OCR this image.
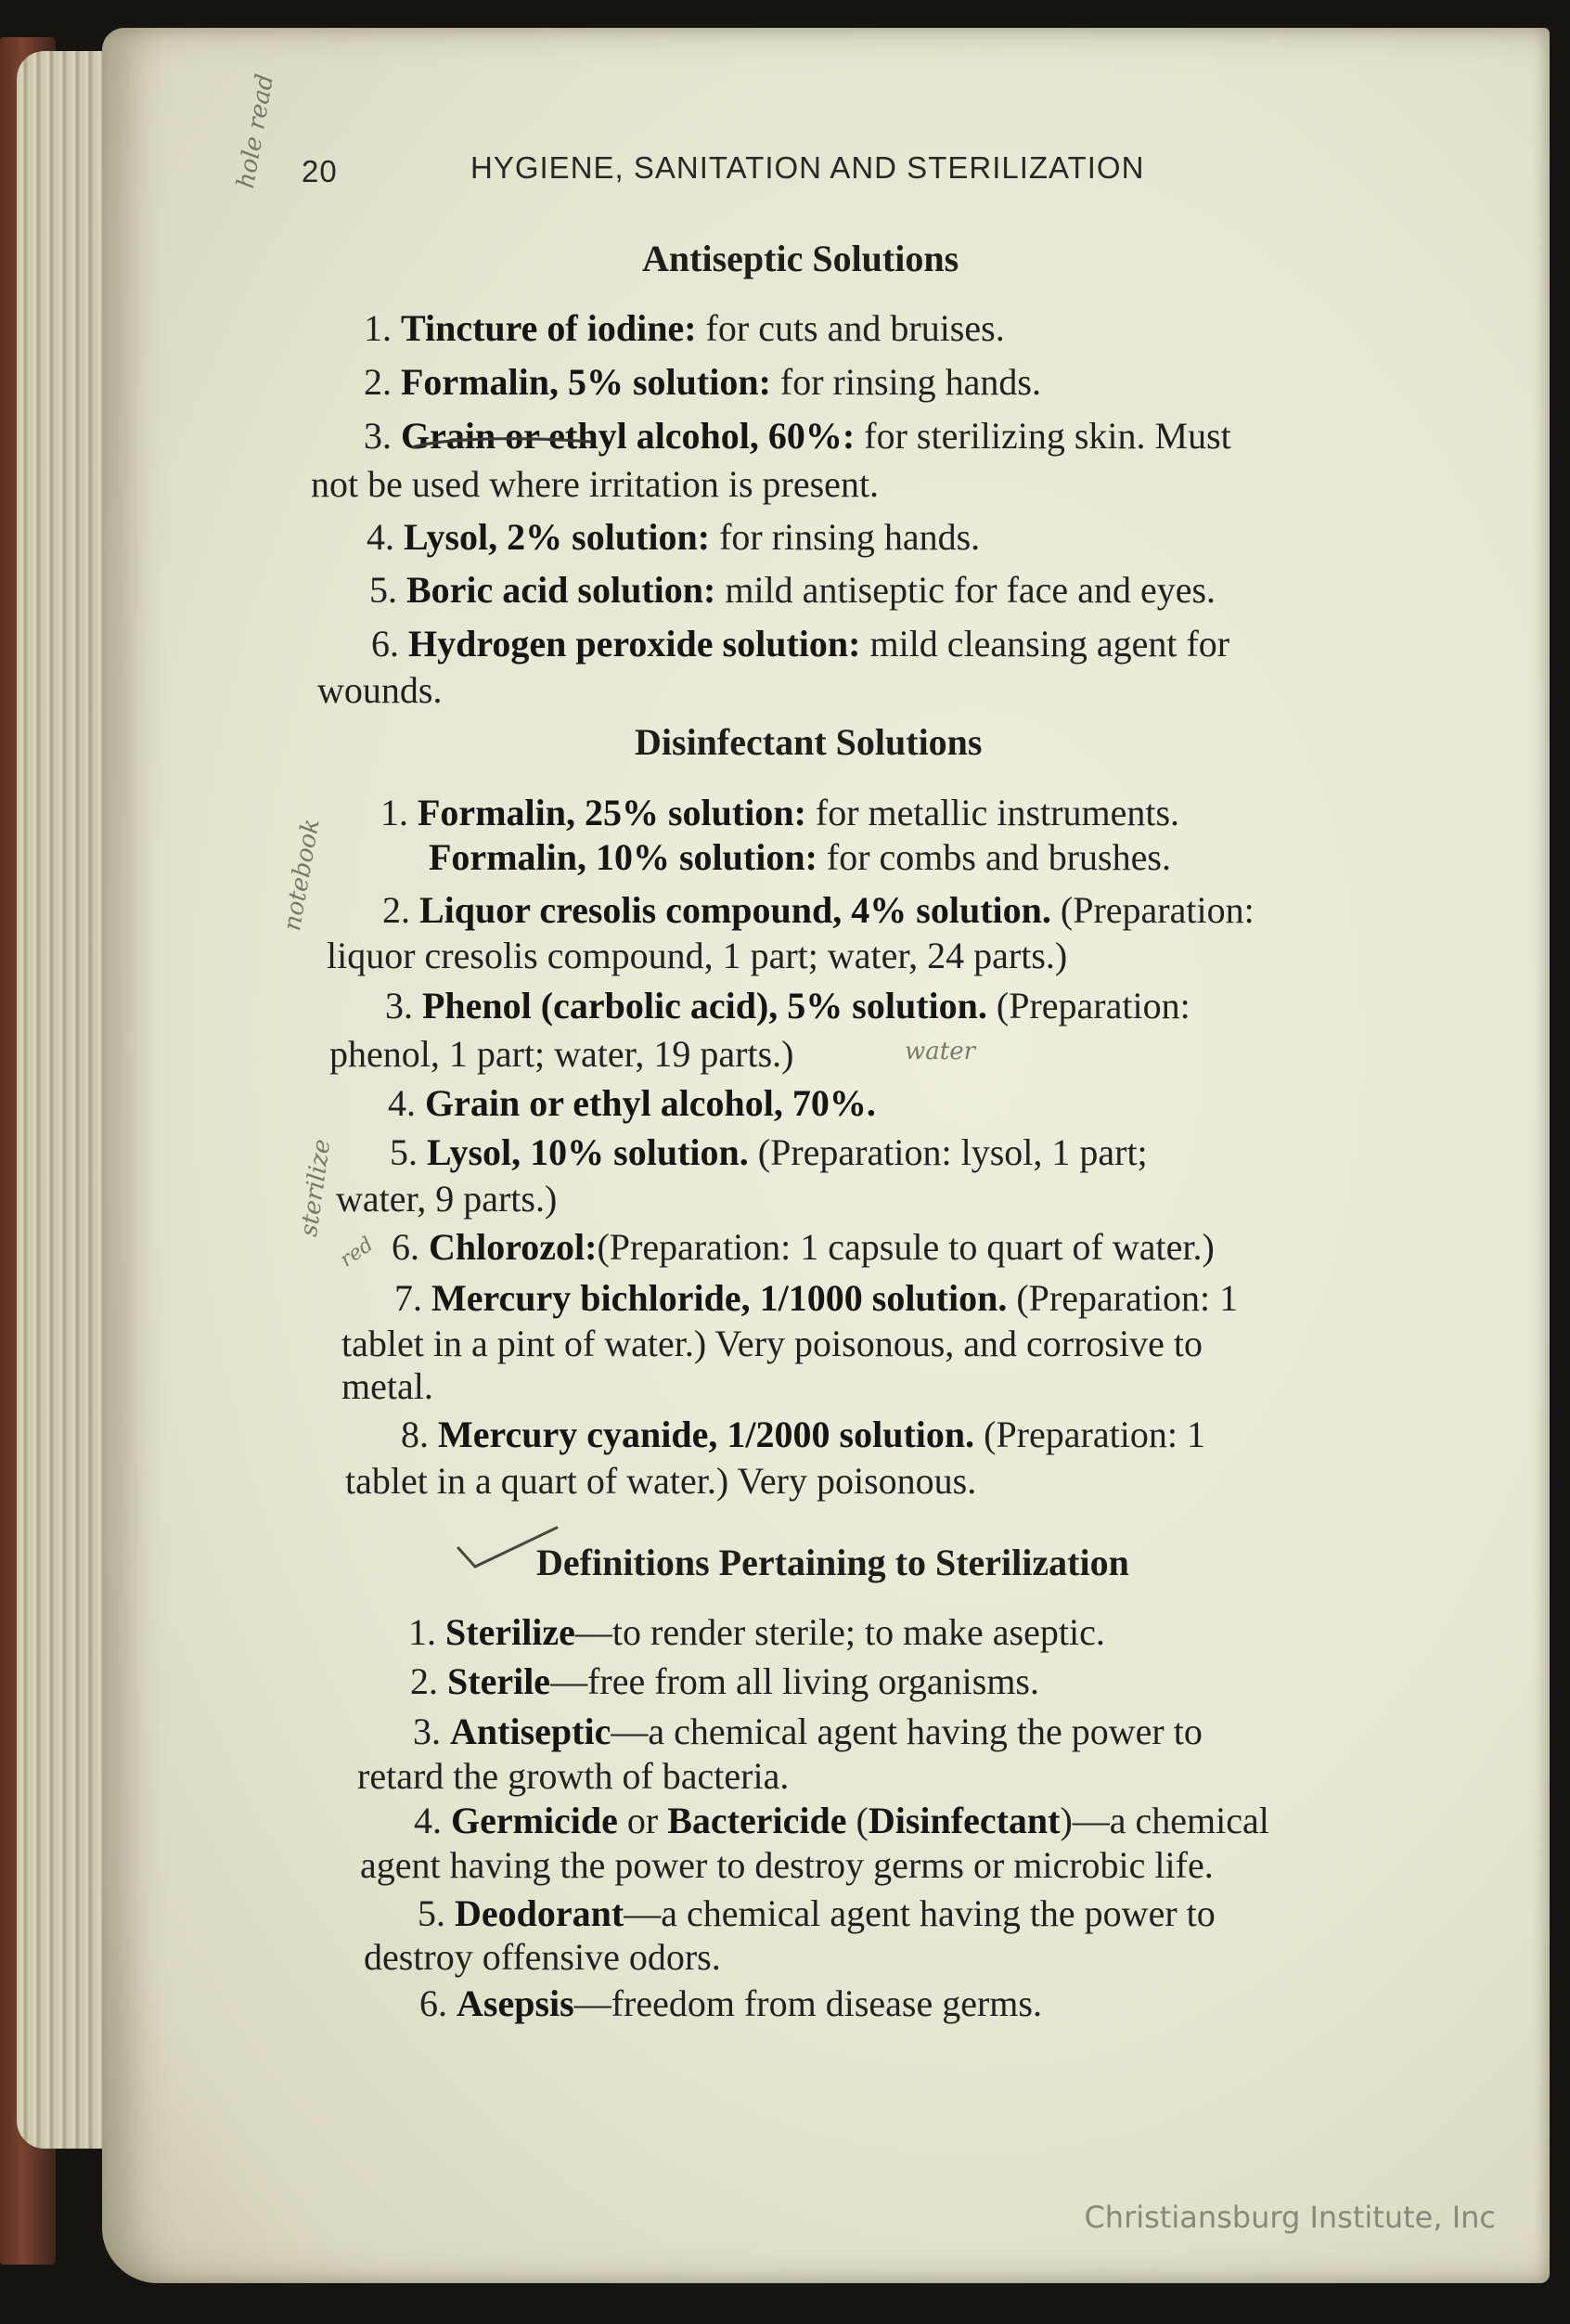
20	HYGIENE, SANITATION AND STERILIZATION
Antiseptic Solutions
1. Tincture of iodine: for cuts and bruises.
2. Formalin, 5% solution: for rinsing hands.
3. Grain or ethyl alcohol, 60%: for sterilizing skin. Must
not be used where irritation is present.
4. Lysol, 2% solution: for rinsing hands.
5. Boric acid solution: mild antiseptic for face and eyes.
6. Hydrogen peroxide solution: mild cleansing agent for
wounds.
Disinfectant Solutions
1. Formalin, 25% solution: for metallic instruments.
Formalin, 10% solution: for combs and brushes.
2. Liquor cresolis compound, 4% solution. (Preparation:
liquor cresolis compound, 1 part; water, 24 parts.)
3. Phenol (carbolic acid), 5% solution. (Preparation:
phenol, 1 part; water, 19 parts.)
4. Grain or ethyl alcohol, 70%.
5. Lysol, 10% solution. (Preparation: lysol, 1 part;
water, 9 parts.)
6. Chlorozol:(Preparation: 1 capsule to quart of water.)
7. Mercury bichloride, 1/1000 solution. (Preparation: 1
tablet in a pint of water.) Very poisonous, and corrosive to
metal.
8. Mercury cyanide, 1/2000 solution. (Preparation: 1
tablet in a quart of water.) Very poisonous.
Definitions Pertaining to Sterilization
1. Sterilize—to render sterile; to make aseptic.
2. Sterile—free from all living organisms.
3. Antiseptic—a chemical agent having the power to
retard the growth of bacteria.
4. Germicide or Bactericide (Disinfectant)—a chemical
agent having the power to destroy germs or microbic life.
5. Deodorant—a chemical agent having the power to
destroy offensive odors.
6. Asepsis—freedom from disease germs.
hole read
notebook
water
sterilize
red
Christiansburg Institute, Inc
